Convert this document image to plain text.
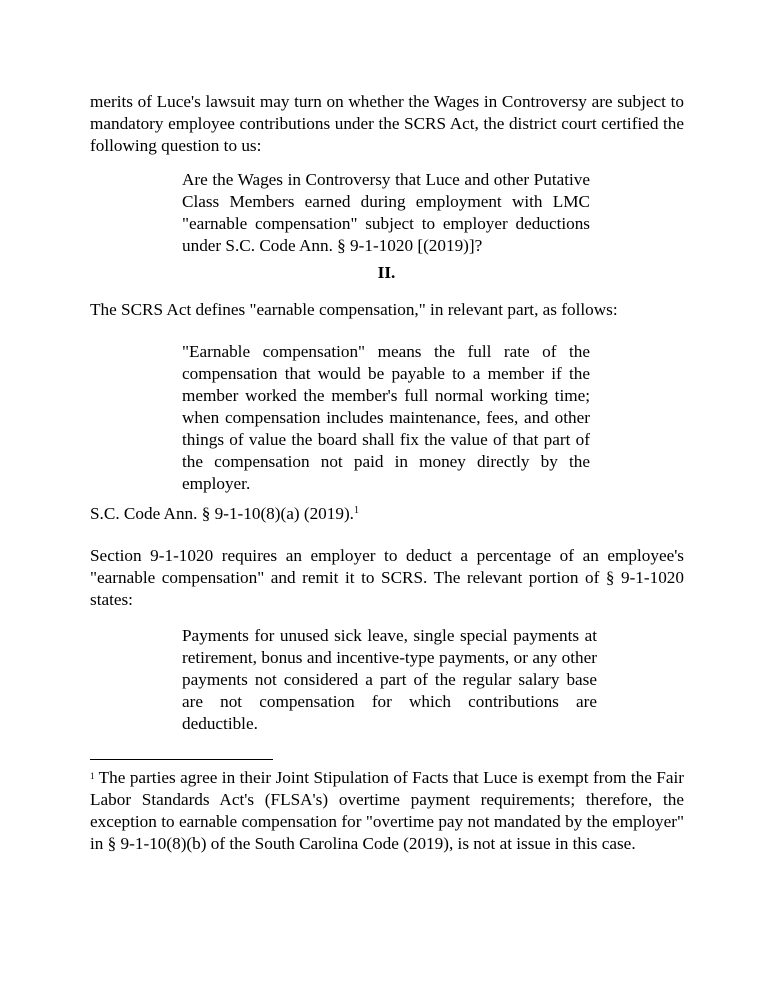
merits of Luce's lawsuit may turn on whether the Wages in Controversy are subject to mandatory employee contributions under the SCRS Act, the district court certified the following question to us:

Are the Wages in Controversy that Luce and other Putative Class Members earned during employment with LMC "earnable compensation" subject to employer deductions under S.C. Code Ann. § 9-1-1020 [(2019)]?

II.

The SCRS Act defines "earnable compensation," in relevant part, as follows:

"Earnable compensation" means the full rate of the compensation that would be payable to a member if the member worked the member's full normal working time; when compensation includes maintenance, fees, and other things of value the board shall fix the value of that part of the compensation not paid in money directly by the employer.

S.C. Code Ann. § 9-1-10(8)(a) (2019).$^1$

Section 9-1-1020 requires an employer to deduct a percentage of an employee's "earnable compensation" and remit it to SCRS. The relevant portion of § 9-1-1020 states:

Payments for unused sick leave, single special payments at retirement, bonus and incentive-type payments, or any other payments not considered a part of the regular salary base are not compensation for which contributions are deductible.

$^1$ The parties agree in their Joint Stipulation of Facts that Luce is exempt from the Fair Labor Standards Act's (FLSA's) overtime payment requirements; therefore, the exception to earnable compensation for "overtime pay not mandated by the employer" in § 9-1-10(8)(b) of the South Carolina Code (2019), is not at issue in this case.
